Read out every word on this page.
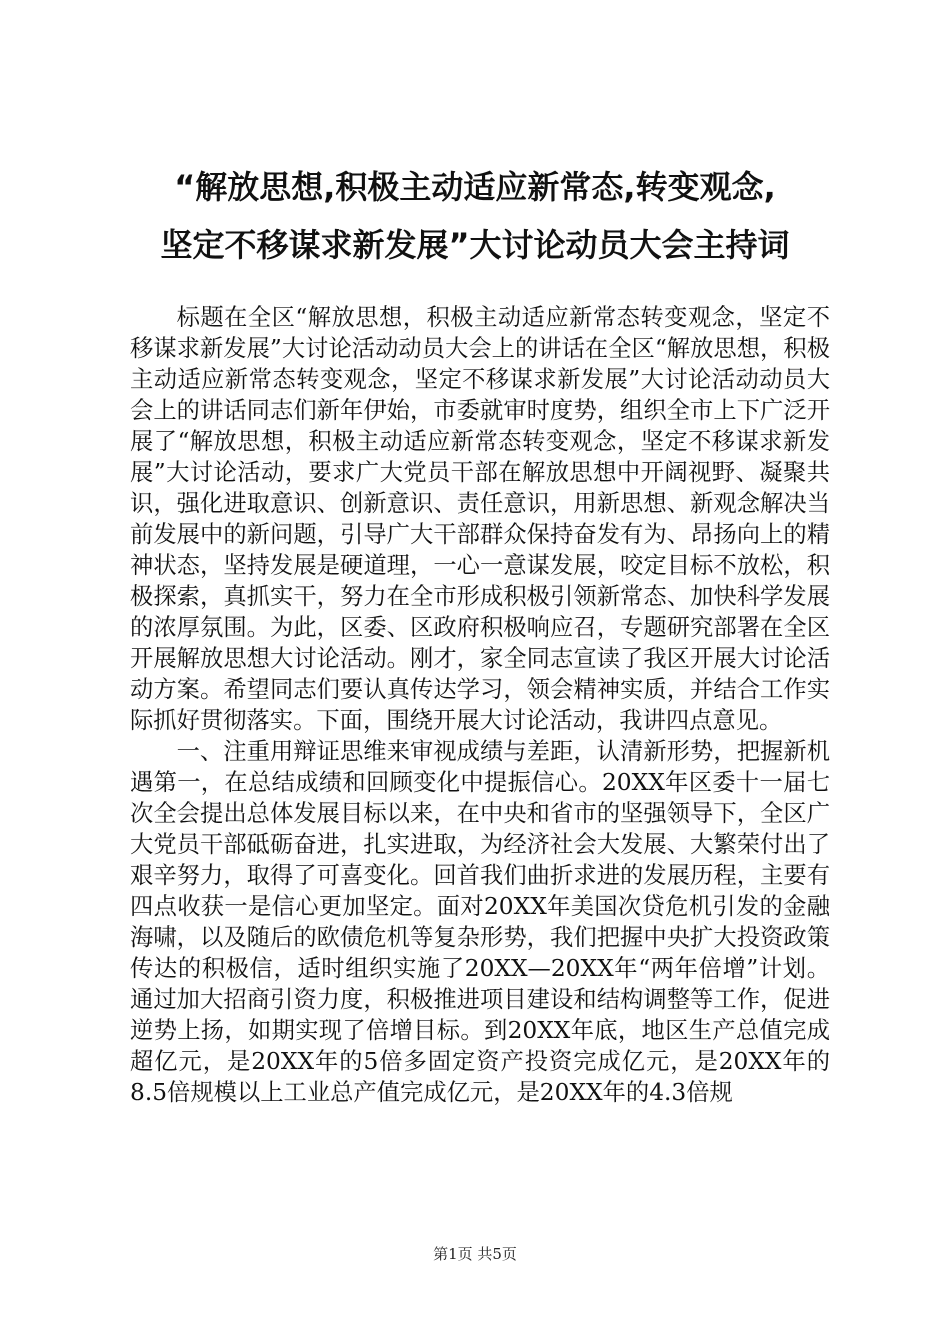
“解放思想,积极主动适应新常态,转变观念,
坚定不移谋求新发展”大讨论动员大会主持词

标题在全区“解放思想，积极主动适应新常态转变观念，坚定不移谋求新发展”大讨论活动动员大会上的讲话在全区“解放思想，积极主动适应新常态转变观念，坚定不移谋求新发展”大讨论活动动员大会上的讲话同志们新年伊始，市委就审时度势，组织全市上下广泛开展了“解放思想，积极主动适应新常态转变观念，坚定不移谋求新发展”大讨论活动，要求广大党员干部在解放思想中开阔视野、凝聚共识，强化进取意识、创新意识、责任意识，用新思想、新观念解决当前发展中的新问题，引导广大干部群众保持奋发有为、昂扬向上的精神状态，坚持发展是硬道理，一心一意谋发展，咬定目标不放松，积极探索，真抓实干，努力在全市形成积极引领新常态、加快科学发展的浓厚氛围。为此，区委、区政府积极响应召，专题研究部署在全区开展解放思想大讨论活动。刚才，家全同志宣读了我区开展大讨论活动方案。希望同志们要认真传达学习，领会精神实质，并结合工作实际抓好贯彻落实。下面，围绕开展大讨论活动，我讲四点意见。

一、注重用辩证思维来审视成绩与差距，认清新形势，把握新机遇第一，在总结成绩和回顾变化中提振信心。20XX年区委十一届七次全会提出总体发展目标以来，在中央和省市的坚强领导下，全区广大党员干部砥砺奋进，扎实进取，为经济社会大发展、大繁荣付出了艰辛努力，取得了可喜变化。回首我们曲折求进的发展历程，主要有四点收获一是信心更加坚定。面对20XX年美国次贷危机引发的金融海啸，以及随后的欧债危机等复杂形势，我们把握中央扩大投资政策传达的积极信，适时组织实施了20XX—20XX年“两年倍增”计划。通过加大招商引资力度，积极推进项目建设和结构调整等工作，促进逆势上扬，如期实现了倍增目标。到20XX年底，地区生产总值完成超亿元，是20XX年的5倍多固定资产投资完成亿元，是20XX年的8.5倍规模以上工业总产值完成亿元，是20XX年的4.3倍规

第1页 共5页
